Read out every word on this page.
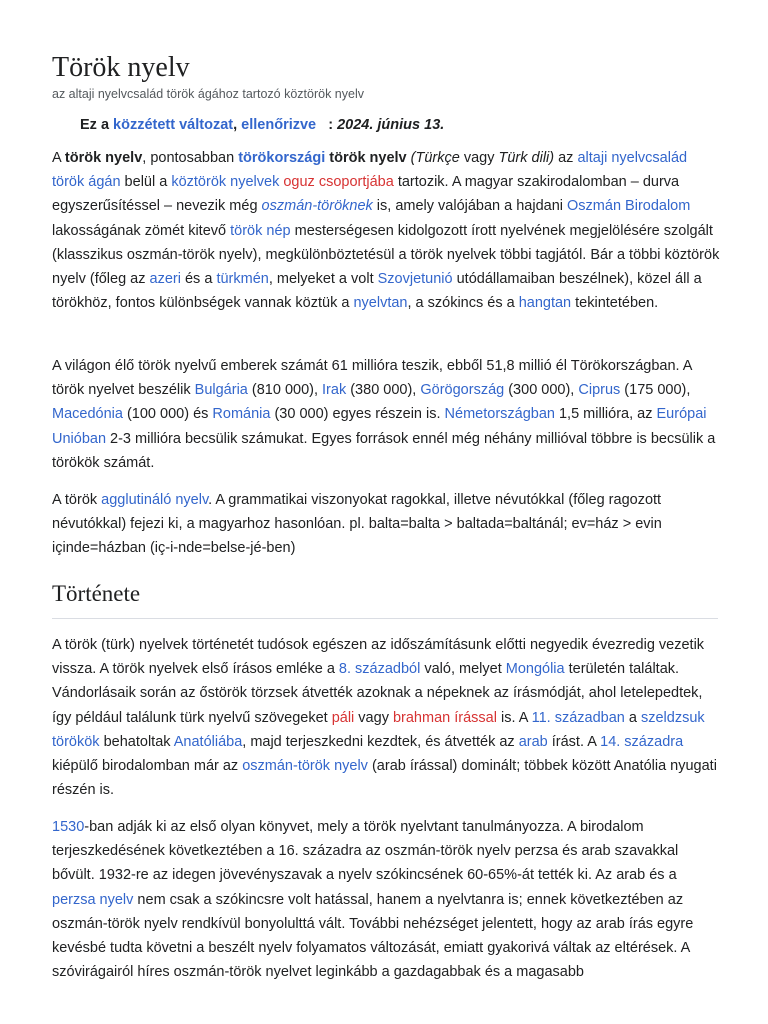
Török nyelv

az altaji nyelvcsalád török ágához tartozó köztörök nyelv

Ez a közzétett változat, ellenőrizve : 2024. június 13.

A török nyelv, pontosabban törökországi török nyelv (Türkçe vagy Türk dili) az altaji nyelvcsalád török ágán belül a köztörök nyelvek oguz csoportjába tartozik. A magyar szakirodalomban – durva egyszerűsítéssel – nevezik még oszmán-töröknek is, amely valójában a hajdani Oszmán Birodalom lakosságának zömét kitevő török nép mesterségesen kidolgozott írott nyelvének megjelölésére szolgált (klasszikus oszmán-török nyelv), megkülönböztetésül a török nyelvek többi tagjától. Bár a többi köztörök nyelv (főleg az azeri és a türkmén, melyeket a volt Szovjetunió utódállamaiban beszélnek), közel áll a törökhöz, fontos különbségek vannak köztük a nyelvtan, a szókincs és a hangtan tekintetében.

A világon élő török nyelvű emberek számát 61 millióra teszik, ebből 51,8 millió él Törökországban. A török nyelvet beszélik Bulgária (810 000), Irak (380 000), Görögország (300 000), Ciprus (175 000), Macedónia (100 000) és Románia (30 000) egyes részein is. Németországban 1,5 millióra, az Európai Unióban 2-3 millióra becsülik számukat. Egyes források ennél még néhány millióval többre is becsülik a törökök számát.

A török agglutináló nyelv. A grammatikai viszonyokat ragokkal, illetve névutókkal (főleg ragozott névutókkal) fejezi ki, a magyarhoz hasonlóan. pl. balta=balta > baltada=baltánál; ev=ház > evin içinde=házban (iç-i-nde=belse-jé-ben)

Története

A török (türk) nyelvek történetét tudósok egészen az időszámításunk előtti negyedik évezredig vezetik vissza. A török nyelvek első írásos emléke a 8. századból való, melyet Mongólia területén találtak. Vándorlásaik során az őstörök törzsek átvették azoknak a népeknek az írásmódját, ahol letelepedtek, így például találunk türk nyelvű szövegeket páli vagy brahman írással is. A 11. században a szeldzsuk törökök behatoltak Anatóliába, majd terjeszkedni kezdtek, és átvették az arab írást. A 14. századra kiépülő birodalomban már az oszmán-török nyelv (arab írással) dominált; többek között Anatólia nyugati részén is.

1530-ban adják ki az első olyan könyvet, mely a török nyelvtant tanulmányozza. A birodalom terjeszkedésének következtében a 16. századra az oszmán-török nyelv perzsa és arab szavakkal bővült. 1932-re az idegen jövevényszavak a nyelv szókincsének 60-65%-át tették ki. Az arab és a perzsa nyelv nem csak a szókincsre volt hatással, hanem a nyelvtanra is; ennek következtében az oszmán-török nyelv rendkívül bonyolulttá vált. További nehézséget jelentett, hogy az arab írás egyre kevésbé tudta követni a beszélt nyelv folyamatos változását, emiatt gyakorivá váltak az eltérések. A szóvirágairól híres oszmán-török nyelvet leginkább a gazdagabbak és a magasabb
